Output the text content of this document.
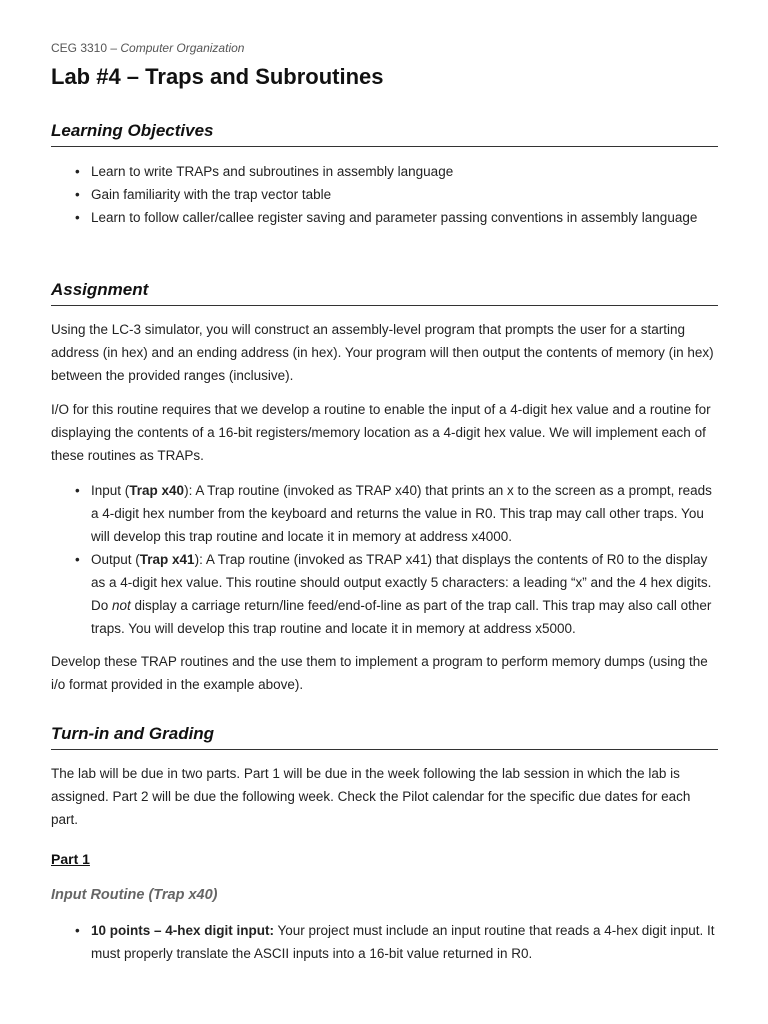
CEG 3310 – Computer Organization
Lab #4 – Traps and Subroutines
Learning Objectives
• Learn to write TRAPs and subroutines in assembly language
• Gain familiarity with the trap vector table
• Learn to follow caller/callee register saving and parameter passing conventions in assembly language
Assignment

Using the LC-3 simulator, you will construct an assembly-level program that prompts the user for a starting address (in hex) and an ending address (in hex). Your program will then output the contents of memory (in hex) between the provided ranges (inclusive).

I/O for this routine requires that we develop a routine to enable the input of a 4-digit hex value and a routine for displaying the contents of a 16-bit registers/memory location as a 4-digit hex value. We will implement each of these routines as TRAPs.

• Input (Trap x40): A Trap routine (invoked as TRAP x40) that prints an x to the screen as a prompt, reads a 4-digit hex number from the keyboard and returns the value in R0. This trap may call other traps. You will develop this trap routine and locate it in memory at address x4000.
• Output (Trap x41): A Trap routine (invoked as TRAP x41) that displays the contents of R0 to the display as a 4-digit hex value. This routine should output exactly 5 characters: a leading “x” and the 4 hex digits. Do not display a carriage return/line feed/end-of-line as part of the trap call. This trap may also call other traps. You will develop this trap routine and locate it in memory at address x5000.

Develop these TRAP routines and the use them to implement a program to perform memory dumps (using the i/o format provided in the example above).

Turn-in and Grading

The lab will be due in two parts. Part 1 will be due in the week following the lab session in which the lab is assigned. Part 2 will be due the following week. Check the Pilot calendar for the specific due dates for each part.

Part 1
Input Routine (Trap x40)
• 10 points – 4-hex digit input: Your project must include an input routine that reads a 4-hex digit input. It must properly translate the ASCII inputs into a 16-bit value returned in R0.
